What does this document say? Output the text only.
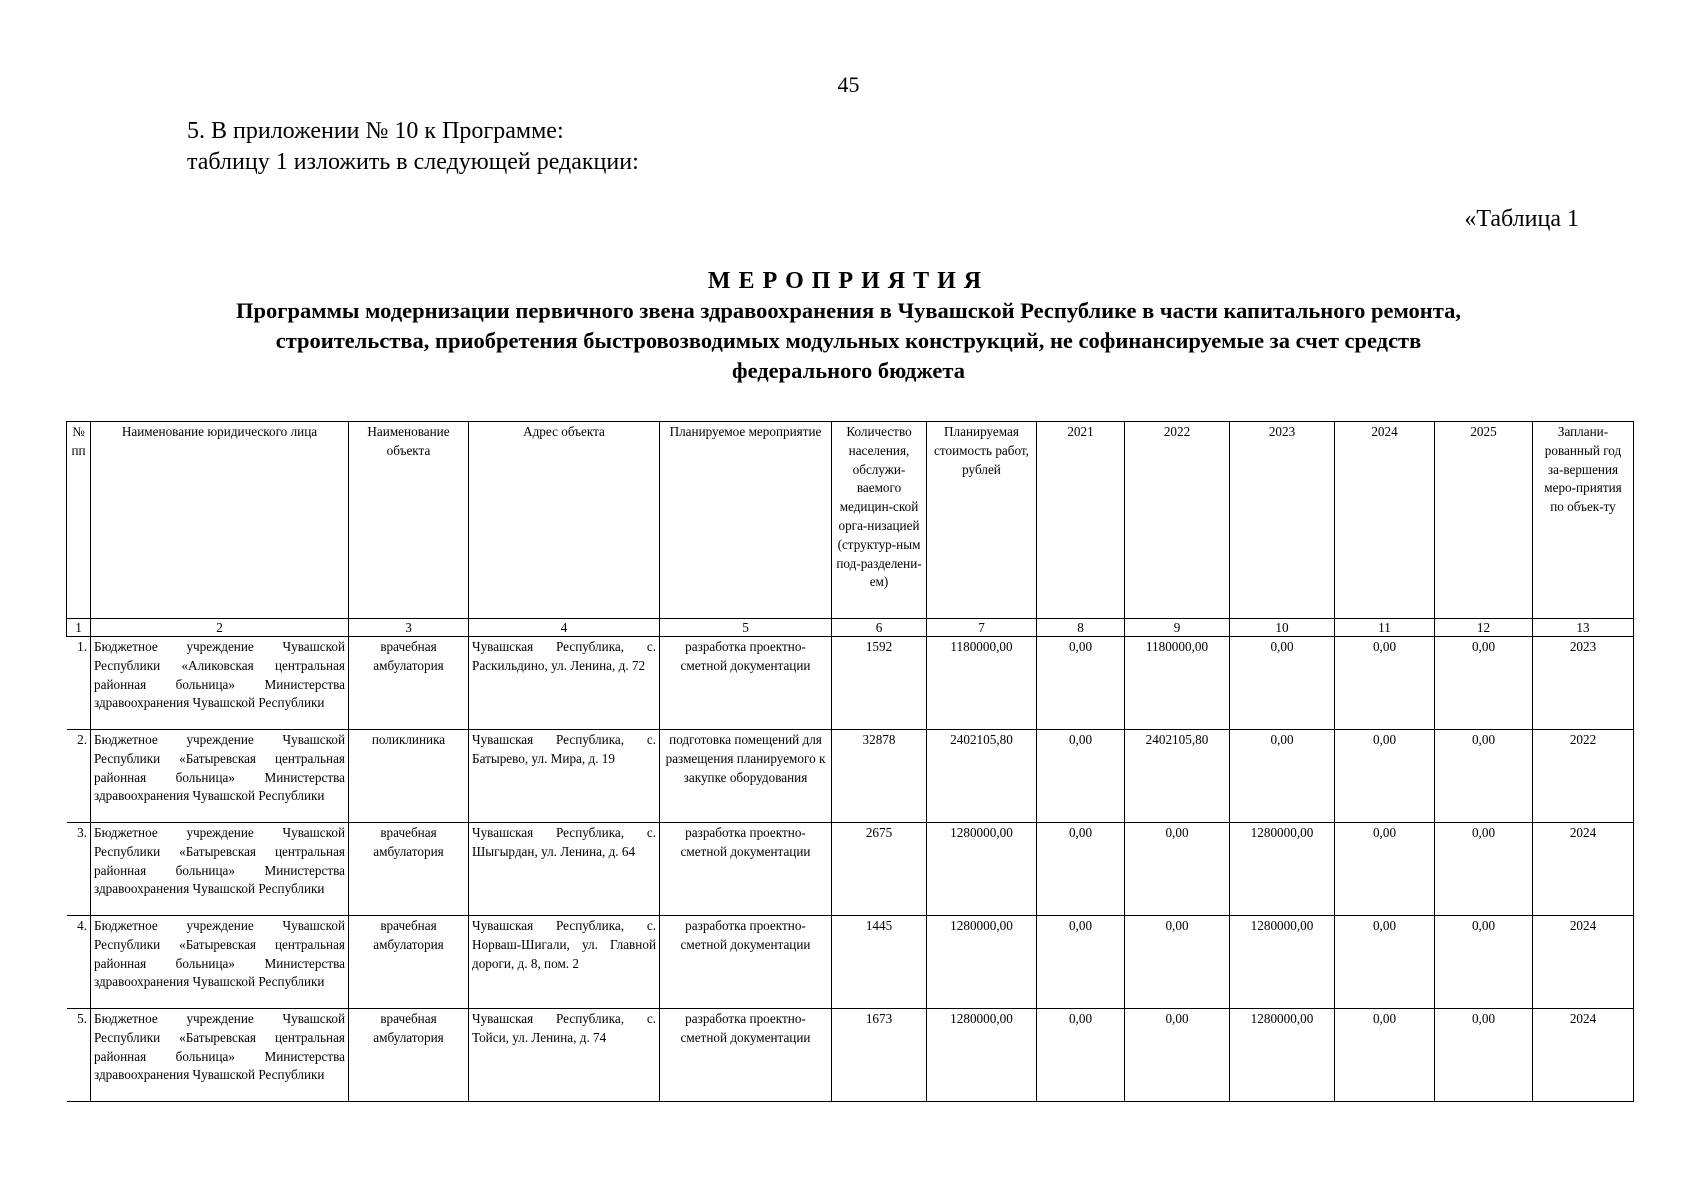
45
5. В приложении № 10 к Программе:
таблицу 1 изложить в следующей редакции:
«Таблица 1
МЕРОПРИЯТИЯ
Программы модернизации первичного звена здравоохранения в Чувашской Республике в части капитального ремонта,
строительства, приобретения быстровозводимых модульных конструкций, не софинансируемые за счет средств
федерального бюджета
№ пп	Наименование юридического лица	Наименование объекта	Адрес объекта	Планируемое мероприятие	Количество населения, обслужи-ваемого медицин-ской орга-низацией (структур-ным под-разделени-ем)	Планируемая стоимость работ, рублей	2021	2022	2023	2024	2025	Заплани-рованный год за-вершения меро-приятия по объек-ту
1	2	3	4	5	6	7	8	9	10	11	12	13
1.	Бюджетное учреждение Чувашской Республики «Аликовская центральная районная больница» Министерства здравоохранения Чувашской Республики	врачебная амбулатория	Чувашская Республика, с. Раскильдино, ул. Ленина, д. 72	разработка проектно-сметной документации	1592	1180000,00	0,00	1180000,00	0,00	0,00	0,00	2023
2.	Бюджетное учреждение Чувашской Республики «Батыревская центральная районная больница» Министерства здравоохранения Чувашской Республики	поликлиника	Чувашская Республика, с. Батырево, ул. Мира, д. 19	подготовка помещений для размещения планируемого к закупке оборудования	32878	2402105,80	0,00	2402105,80	0,00	0,00	0,00	2022
3.	Бюджетное учреждение Чувашской Республики «Батыревская центральная районная больница» Министерства здравоохранения Чувашской Республики	врачебная амбулатория	Чувашская Республика, с. Шыгырдан, ул. Ленина, д. 64	разработка проектно-сметной документации	2675	1280000,00	0,00	0,00	1280000,00	0,00	0,00	2024
4.	Бюджетное учреждение Чувашской Республики «Батыревская центральная районная больница» Министерства здравоохранения Чувашской Республики	врачебная амбулатория	Чувашская Республика, с. Норваш-Шигали, ул. Главной дороги, д. 8, пом. 2	разработка проектно-сметной документации	1445	1280000,00	0,00	0,00	1280000,00	0,00	0,00	2024
5.	Бюджетное учреждение Чувашской Республики «Батыревская центральная районная больница» Министерства здравоохранения Чувашской Республики	врачебная амбулатория	Чувашская Республика, с. Тойси, ул. Ленина, д. 74	разработка проектно-сметной документации	1673	1280000,00	0,00	0,00	1280000,00	0,00	0,00	2024
